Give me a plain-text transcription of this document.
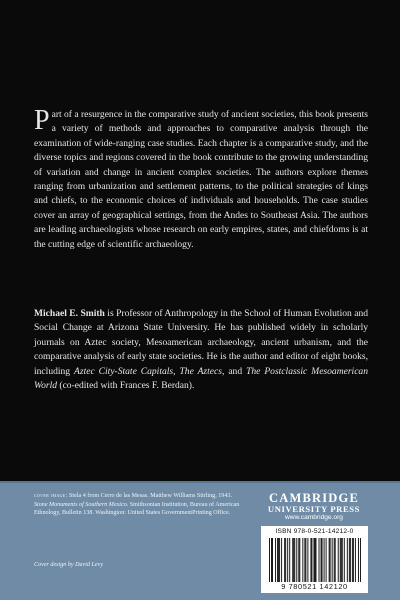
Part of a resurgence in the comparative study of ancient societies, this book presents a variety of methods and approaches to comparative analysis through the examination of wide-ranging case studies. Each chapter is a comparative study, and the diverse topics and regions covered in the book contribute to the growing understanding of variation and change in ancient complex societies. The authors explore themes ranging from urbanization and settlement patterns, to the political strategies of kings and chiefs, to the economic choices of individuals and households. The case studies cover an array of geographical settings, from the Andes to Southeast Asia. The authors are leading archaeologists whose research on early empires, states, and chiefdoms is at the cutting edge of scientific archaeology.

Michael E. Smith is Professor of Anthropology in the School of Human Evolution and Social Change at Arizona State University. He has published widely in scholarly journals on Aztec society, Mesoamerican archaeology, ancient urbanism, and the comparative analysis of early state societies. He is the author and editor of eight books, including Aztec City-State Capitals, The Aztecs, and The Postclassic Mesoamerican World (co-edited with Frances F. Berdan).

cover image: Stela 4 from Cerro de las Mesas. Matthew Williams Stirling, 1943. Stone Monuments of Southern Mexico. Smithsonian Institution, Bureau of American Ethnology, Bulletin 138. Washington: United States GovernmentPrinting Office.

Cover design by David Levy

CAMBRIDGE
UNIVERSITY PRESS
www.cambridge.org
ISBN 978-0-521-14212-0
9 780521 142120
